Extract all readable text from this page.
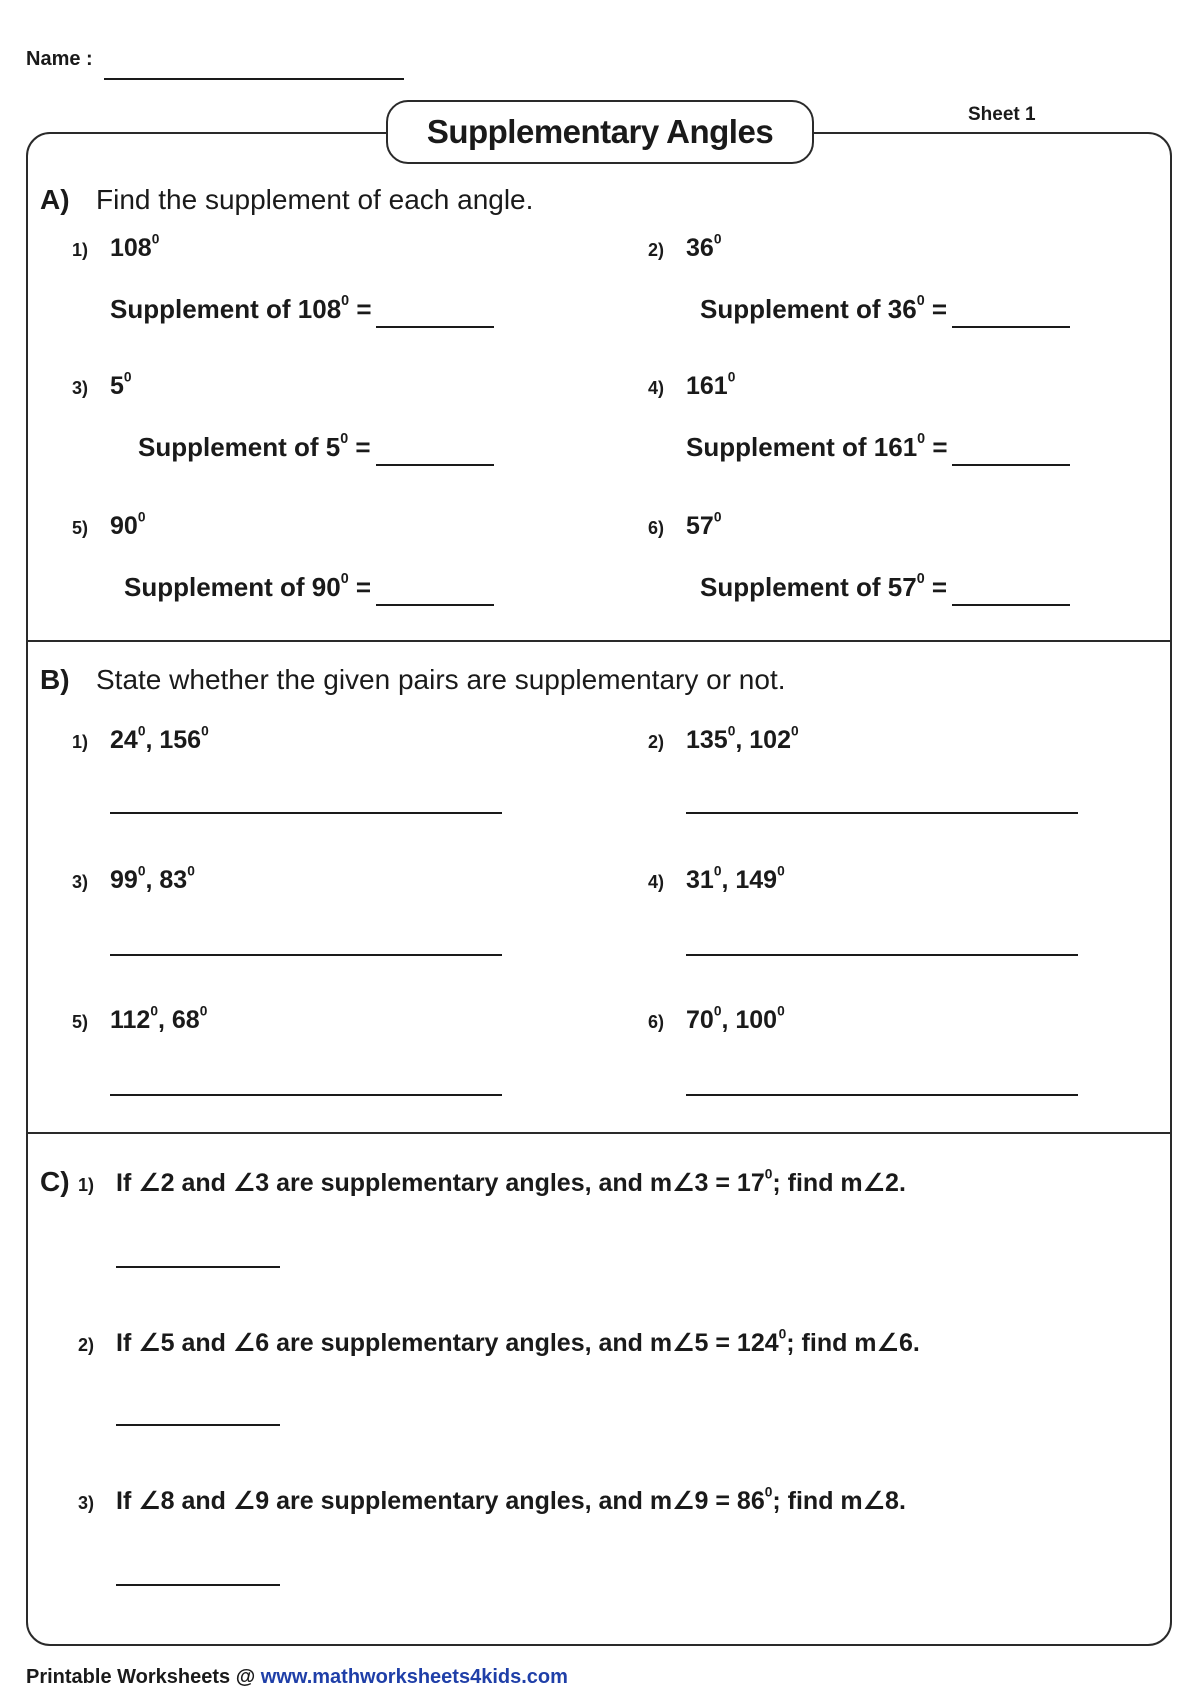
Name :
Supplementary Angles	Sheet 1
A) Find the supplement of each angle.
1) $108^0$
Supplement of $108^0$ =
2) $36^0$
Supplement of $36^0$ =
3) $5^0$
Supplement of $5^0$ =
4) $161^0$
Supplement of $161^0$ =
5) $90^0$
Supplement of $90^0$ =
6) $57^0$
Supplement of $57^0$ =
B) State whether the given pairs are supplementary or not.
1) $24^0$, $156^0$
2) $135^0$, $102^0$
3) $99^0$, $83^0$
4) $31^0$, $149^0$
5) $112^0$, $68^0$
6) $70^0$, $100^0$
C) 1) If ∠2 and ∠3 are supplementary angles, and m∠3 = $17^0$; find m∠2.
2) If ∠5 and ∠6 are supplementary angles, and m∠5 = $124^0$; find m∠6.
3) If ∠8 and ∠9 are supplementary angles, and m∠9 = $86^0$; find m∠8.
Printable Worksheets @ www.mathworksheets4kids.com
